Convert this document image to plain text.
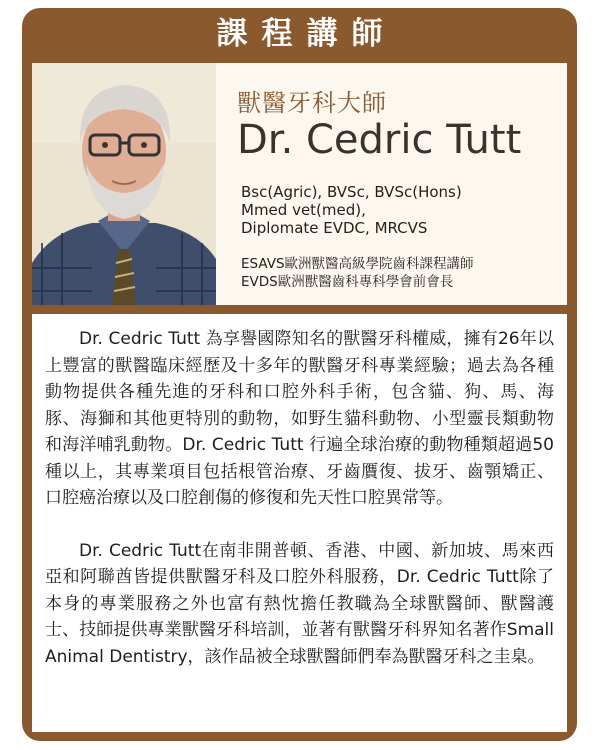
課程講師
獸醫牙科大師
Dr. Cedric Tutt
Bsc(Agric), BVSc, BVSc(Hons)
Mmed vet(med),
Diplomate EVDC, MRCVS
ESAVS歐洲獸醫高級學院齒科課程講師
EVDS歐洲獸醫齒科專科學會前會長

Dr. Cedric Tutt 為享譽國際知名的獸醫牙科權威，擁有26年以上豐富的獸醫臨床經歷及十多年的獸醫牙科專業經驗；過去為各種動物提供各種先進的牙科和口腔外科手術，包含貓、狗、馬、海豚、海獅和其他更特別的動物，如野生貓科動物、小型靈長類動物和海洋哺乳動物。Dr. Cedric Tutt 行遍全球治療的動物種類超過50種以上，其專業項目包括根管治療、牙齒贋復、拔牙、齒顎矯正、口腔癌治療以及口腔創傷的修復和先天性口腔異常等。

Dr. Cedric Tutt在南非開普頓、香港、中國、新加坡、馬來西亞和阿聯酋皆提供獸醫牙科及口腔外科服務，Dr. Cedric Tutt除了本身的專業服務之外也富有熱忱擔任教職為全球獸醫師、獸醫護士、技師提供專業獸醫牙科培訓，並著有獸醫牙科界知名著作Small Animal Dentistry，該作品被全球獸醫師們奉為獸醫牙科之圭臬。
